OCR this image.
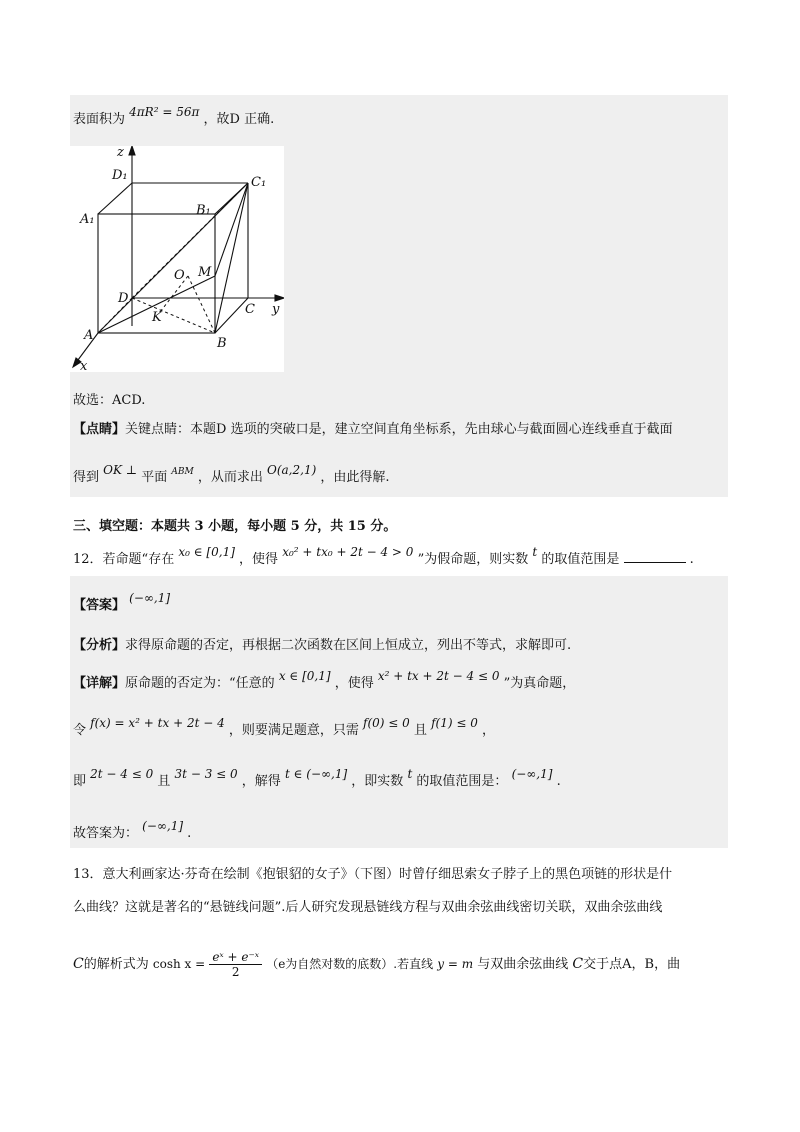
表面积为 4πR² = 56π ，故D 正确.
z
D₁	C₁
A₁
B₁
O M
D
K
C y
A
B
x
故选：ACD.
【点睛】关键点睛：本题D 选项的突破口是，建立空间直角坐标系，先由球心与截面圆心连线垂直于截面
得到 OK ⊥ 平面 $^{ABM}$ ，从而求出 O(a,2,1) ，由此得解.
三、填空题：本题共 3 小题，每小题 5 分，共 15 分。
12．若命题“存在 x₀ ∈ [0,1] ，使得 x₀² + tx₀ + 2t − 4 > 0 ”为假命题，则实数 t 的取值范围是	.
【答案】 (−∞,1]
【分析】求得原命题的否定，再根据二次函数在区间上恒成立，列出不等式，求解即可.
【详解】原命题的否定为：“任意的 x ∈ [0,1] ，使得 x² + tx + 2t − 4 ≤ 0 ”为真命题，
令 f(x) = x² + tx + 2t − 4 ，则要满足题意，只需 f(0) ≤ 0 且 f(1) ≤ 0 ，
即 2t − 4 ≤ 0 且 3t − 3 ≤ 0 ，解得 t ∈ (−∞,1] ，即实数 t 的取值范围是： (−∞,1] .
故答案为： (−∞,1] .
13．意大利画家达·芬奇在绘制《抱银貂的女子》（下图）时曾仔细思索女子脖子上的黑色项链的形状是什
么曲线？这就是著名的“悬链线问题”.后人研究发现悬链线方程与双曲余弦曲线密切关联，双曲余弦曲线
C的解析式为 $\cosh x = \frac{\text{eˣ + e⁻ˣ}}{2} (e$为自然对数的底数）.若直线 y = m 与双曲余弦曲线 C交于点A，B，曲
